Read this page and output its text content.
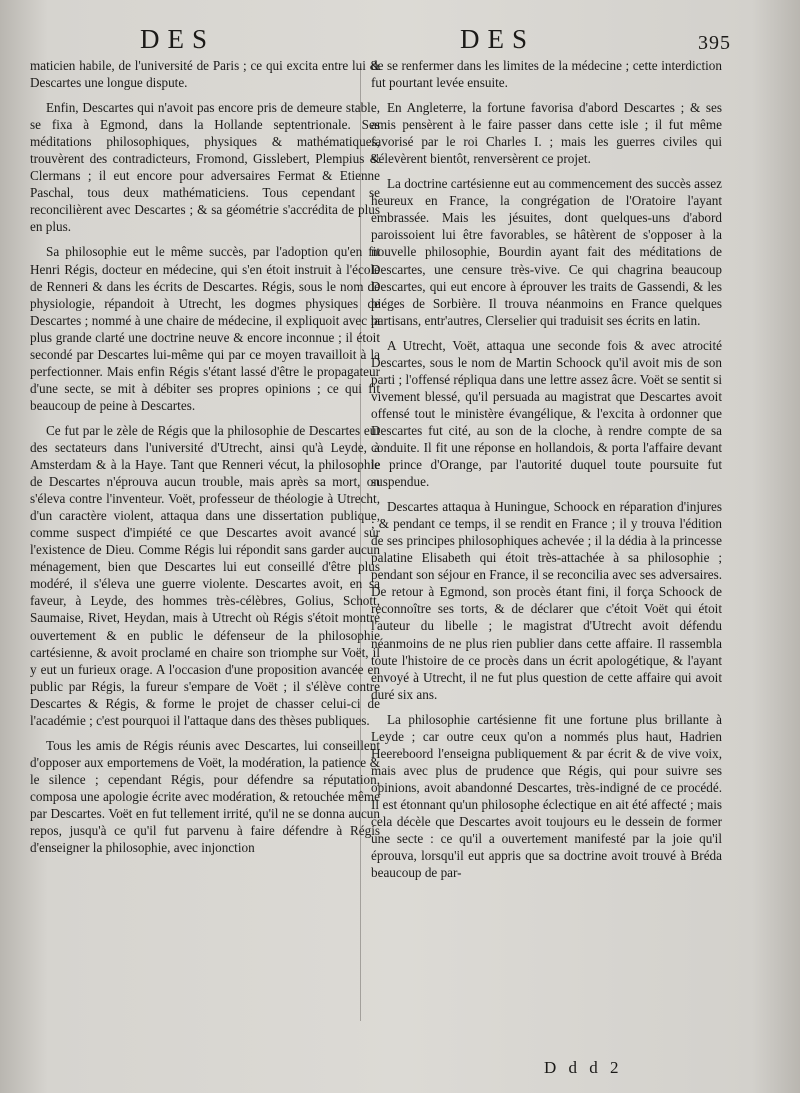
DES	DES	395

maticien habile, de l'université de Paris ; ce qui excita entre lui & Descartes une longue dispute.

Enfin, Descartes qui n'avoit pas encore pris de demeure stable, se fixa à Egmond, dans la Hollande septentrionale. Ses méditations philosophiques, physiques & mathématiques, trouvèrent des contradicteurs, Fromond, Gisslebert, Plempius & Clermans ; il eut encore pour adversaires Fermat & Etienne Paschal, tous deux mathématiciens. Tous cependant se reconcilièrent avec Descartes ; & sa géométrie s'accrédita de plus en plus.

Sa philosophie eut le même succès, par l'adoption qu'en fit Henri Régis, docteur en médecine, qui s'en étoit instruit à l'école de Renneri & dans les écrits de Descartes. Régis, sous le nom de physiologie, répandoit à Utrecht, les dogmes physiques de Descartes ; nommé à une chaire de médecine, il expliquoit avec la plus grande clarté une doctrine neuve & encore inconnue ; il étoit secondé par Descartes lui-même qui par ce moyen travailloit à la perfectionner. Mais enfin Régis s'étant lassé d'être le propagateur d'une secte, se mit à débiter ses propres opinions ; ce qui fit beaucoup de peine à Descartes.

Ce fut par le zèle de Régis que la philosophie de Descartes eut des sectateurs dans l'université d'Utrecht, ainsi qu'à Leyde, à Amsterdam & à la Haye. Tant que Renneri vécut, la philosophie de Descartes n'éprouva aucun trouble, mais après sa mort, on s'éleva contre l'inventeur. Voët, professeur de théologie à Utrecht, d'un caractère violent, attaqua dans une dissertation publique, comme suspect d'impiété ce que Descartes avoit avancé sur l'existence de Dieu. Comme Régis lui répondit sans garder aucun ménagement, bien que Descartes lui eut conseillé d'être plus modéré, il s'éleva une guerre violente. Descartes avoit, en sa faveur, à Leyde, des hommes très-célèbres, Golius, Schott, Saumaise, Rivet, Heydan, mais à Utrecht où Régis s'étoit montré ouvertement & en public le défenseur de la philosophie cartésienne, & avoit proclamé en chaire son triomphe sur Voët, il y eut un furieux orage. A l'occasion d'une proposition avancée en public par Régis, la fureur s'empare de Voët ; il s'élève contre Descartes & Régis, & forme le projet de chasser celui-ci de l'académie ; c'est pourquoi il l'attaque dans des thèses publiques.

Tous les amis de Régis réunis avec Descartes, lui conseillent d'opposer aux emportemens de Voët, la modération, la patience & le silence ; cependant Régis, pour défendre sa réputation, composa une apologie écrite avec modération, & retouchée même par Descartes. Voët en fut tellement irrité, qu'il ne se donna aucun repos, jusqu'à ce qu'il fut parvenu à faire défendre à Régis d'enseigner la philosophie, avec injonction

de se renfermer dans les limites de la médecine ; cette interdiction fut pourtant levée ensuite.

En Angleterre, la fortune favorisa d'abord Descartes ; & ses amis pensèrent à le faire passer dans cette isle ; il fut même favorisé par le roi Charles I. ; mais les guerres civiles qui s'élevèrent bientôt, renversèrent ce projet.

La doctrine cartésienne eut au commencement des succès assez heureux en France, la congrégation de l'Oratoire l'ayant embrassée. Mais les jésuites, dont quelques-uns d'abord paroissoient lui être favorables, se hâtèrent de s'opposer à la nouvelle philosophie, Bourdin ayant fait des méditations de Descartes, une censure très-vive. Ce qui chagrina beaucoup Descartes, qui eut encore à éprouver les traits de Gassendi, & les piéges de Sorbière. Il trouva néanmoins en France quelques partisans, entr'autres, Clerselier qui traduisit ses écrits en latin.

A Utrecht, Voët, attaqua une seconde fois & avec atrocité Descartes, sous le nom de Martin Schoock qu'il avoit mis de son parti ; l'offensé répliqua dans une lettre assez âcre. Voët se sentit si vivement blessé, qu'il persuada au magistrat que Descartes avoit offensé tout le ministère évangélique, & l'excita à ordonner que Descartes fut cité, au son de la cloche, à rendre compte de sa conduite. Il fit une réponse en hollandois, & porta l'affaire devant le prince d'Orange, par l'autorité duquel toute poursuite fut suspendue.

Descartes attaqua à Huningue, Schoock en réparation d'injures ; & pendant ce temps, il se rendit en France ; il y trouva l'édition de ses principes philosophiques achevée ; il la dédia à la princesse palatine Elisabeth qui étoit très-attachée à sa philosophie ; pendant son séjour en France, il se reconcilia avec ses adversaires. De retour à Egmond, son procès étant fini, il força Schoock de reconnoître ses torts, & de déclarer que c'étoit Voët qui étoit l'auteur du libelle ; le magistrat d'Utrecht avoit défendu néanmoins de ne plus rien publier dans cette affaire. Il rassembla toute l'histoire de ce procès dans un écrit apologétique, & l'ayant envoyé à Utrecht, il ne fut plus question de cette affaire qui avoit duré six ans.

La philosophie cartésienne fit une fortune plus brillante à Leyde ; car outre ceux qu'on a nommés plus haut, Hadrien Heereboord l'enseigna publiquement & par écrit & de vive voix, mais avec plus de prudence que Régis, qui pour suivre ses opinions, avoit abandonné Descartes, très-indigné de ce procédé. Il est étonnant qu'un philosophe éclectique en ait été affecté ; mais cela décèle que Descartes avoit toujours eu le dessein de former une secte : ce qu'il a ouvertement manifesté par la joie qu'il éprouva, lorsqu'il eut appris que sa doctrine avoit trouvé à Bréda beaucoup de par-

D d d 2
